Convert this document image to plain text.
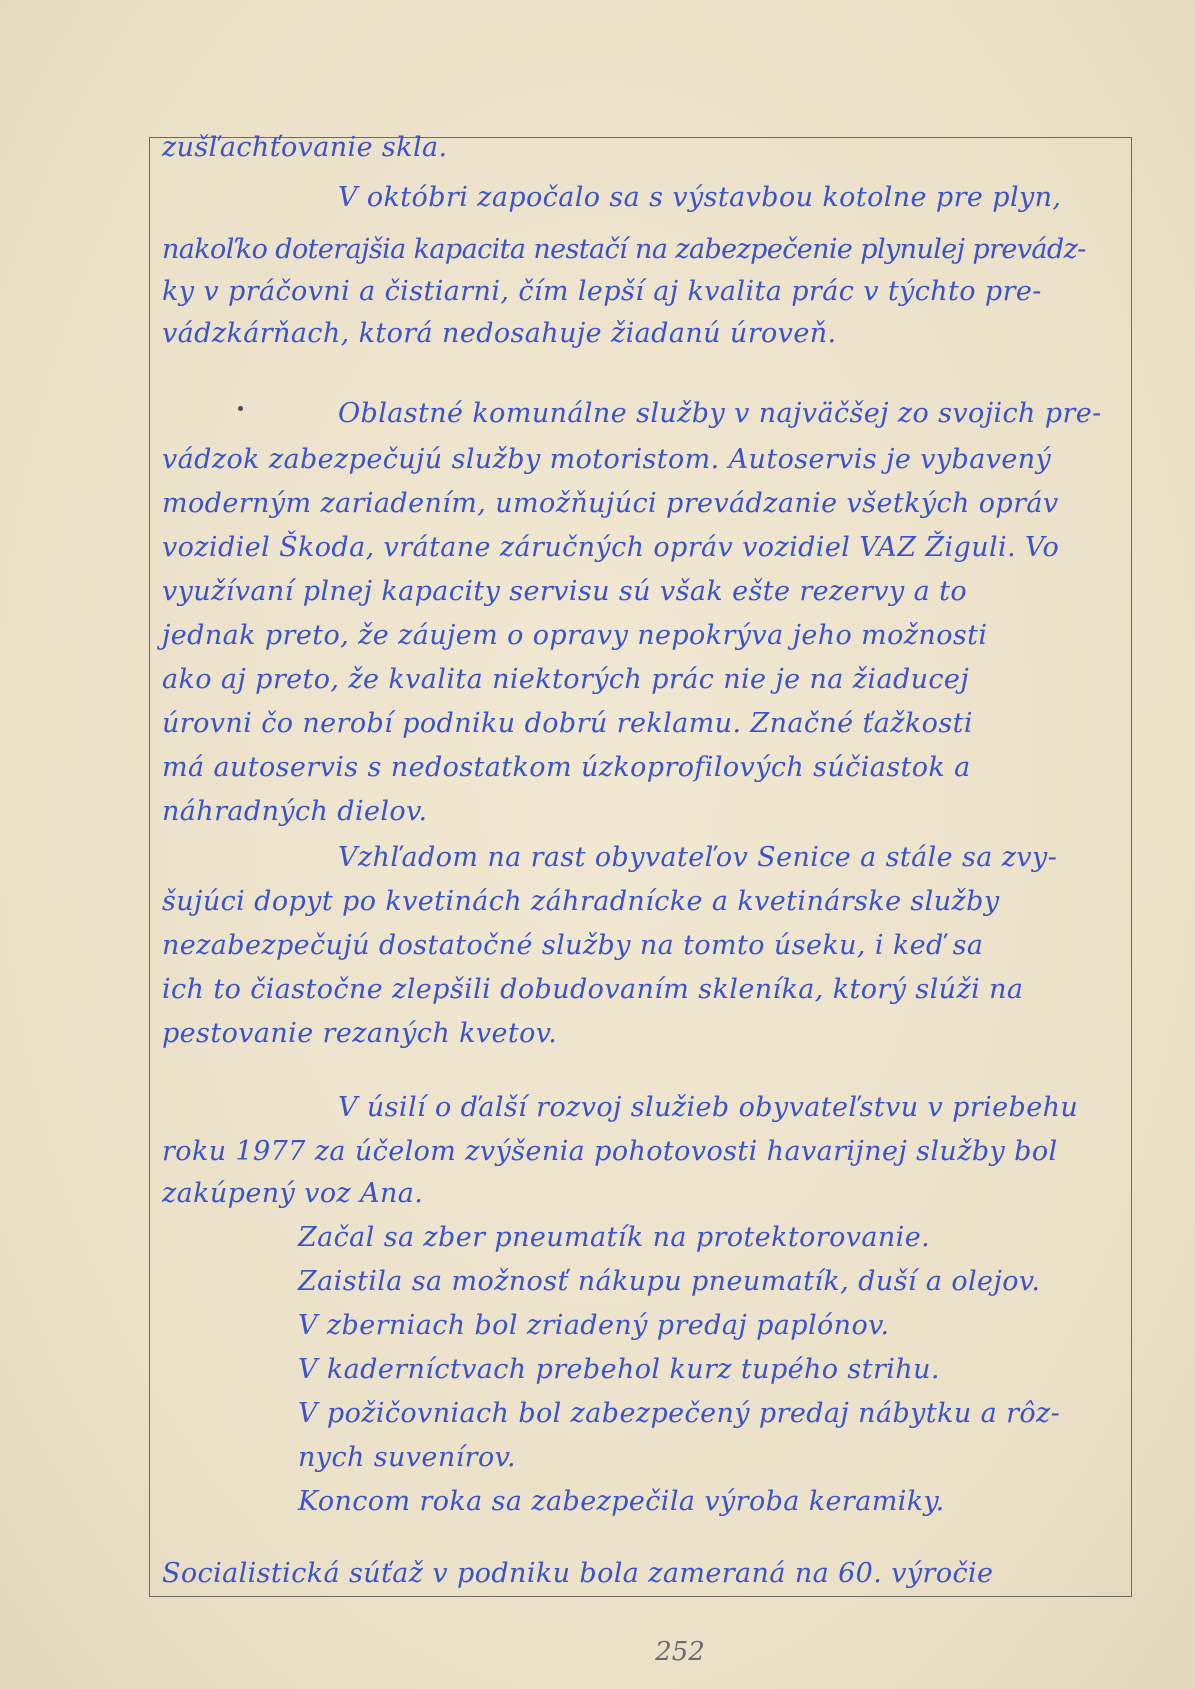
zušľachťovanie skla.
V októbri započalo sa s výstavbou kotolne pre plyn,
nakoľko doterajšia kapacita nestačí na zabezpečenie plynulej prevádz-
ky v práčovni a čistiarni, čím lepší aj kvalita prác v týchto pre-
vádzkárňach, ktorá nedosahuje žiadanú úroveň.
Oblastné komunálne služby v najväčšej zo svojich pre-
vádzok zabezpečujú služby motoristom. Autoservis je vybavený
moderným zariadením, umožňujúci prevádzanie všetkých opráv
vozidiel Škoda, vrátane záručných opráv vozidiel VAZ Žiguli. Vo
využívaní plnej kapacity servisu sú však ešte rezervy a to
jednak preto, že záujem o opravy nepokrýva jeho možnosti
ako aj preto, že kvalita niektorých prác nie je na žiaducej
úrovni čo nerobí podniku dobrú reklamu. Značné ťažkosti
má autoservis s nedostatkom úzkoprofilových súčiastok a
náhradných dielov.
Vzhľadom na rast obyvateľov Senice a stále sa zvy-
šujúci dopyt po kvetinách záhradnícke a kvetinárske služby
nezabezpečujú dostatočné služby na tomto úseku, i keď sa
ich to čiastočne zlepšili dobudovaním skleníka, ktorý slúži na
pestovanie rezaných kvetov.
V úsilí o ďalší rozvoj služieb obyvateľstvu v priebehu
roku 1977 za účelom zvýšenia pohotovosti havarijnej služby bol
zakúpený voz Ana.
Začal sa zber pneumatík na protektorovanie.
Zaistila sa možnosť nákupu pneumatík, duší a olejov.
V zberniach bol zriadený predaj paplónov.
V kaderníctvach prebehol kurz tupého strihu.
V požičovniach bol zabezpečený predaj nábytku a rôz-
nych suvenírov.
Koncom roka sa zabezpečila výroba keramiky.
Socialistická súťaž v podniku bola zameraná na 60. výročie
252
